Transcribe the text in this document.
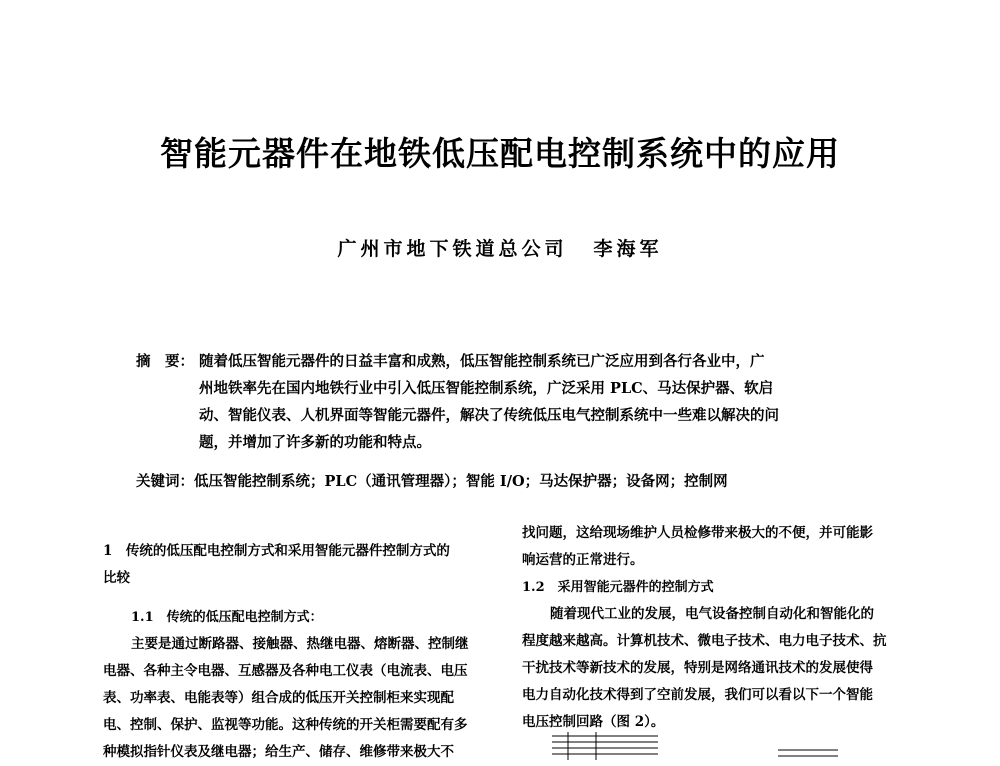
智能元器件在地铁低压配电控制系统中的应用
广州市地下铁道总公司 李海军
摘　要： 随着低压智能元器件的日益丰富和成熟，低压智能控制系统已广泛应用到各行各业中，广
州地铁率先在国内地铁行业中引入低压智能控制系统，广泛采用 PLC、马达保护器、软启
动、智能仪表、人机界面等智能元器件，解决了传统低压电气控制系统中一些难以解决的问
题，并增加了许多新的功能和特点。
关键词：低压智能控制系统；PLC（通讯管理器）；智能 I/O；马达保护器；设备网；控制网
1　传统的低压配电控制方式和采用智能元器件控制方式的
比较
1.1　传统的低压配电控制方式：
主要是通过断路器、接触器、热继电器、熔断器、控制继
电器、各种主令电器、互感器及各种电工仪表（电流表、电压
表、功率表、电能表等）组合成的低压开关控制柜来实现配
电、控制、保护、监视等功能。这种传统的开关柜需要配有多
种模拟指针仪表及继电器；给生产、储存、维修带来极大不
找问题，这给现场维护人员检修带来极大的不便，并可能影
响运营的正常进行。
1.2　采用智能元器件的控制方式
随着现代工业的发展，电气设备控制自动化和智能化的
程度越来越高。计算机技术、微电子技术、电力电子技术、抗
干扰技术等新技术的发展，特别是网络通讯技术的发展使得
电力自动化技术得到了空前发展，我们可以看以下一个智能
电压控制回路（图 2）。
